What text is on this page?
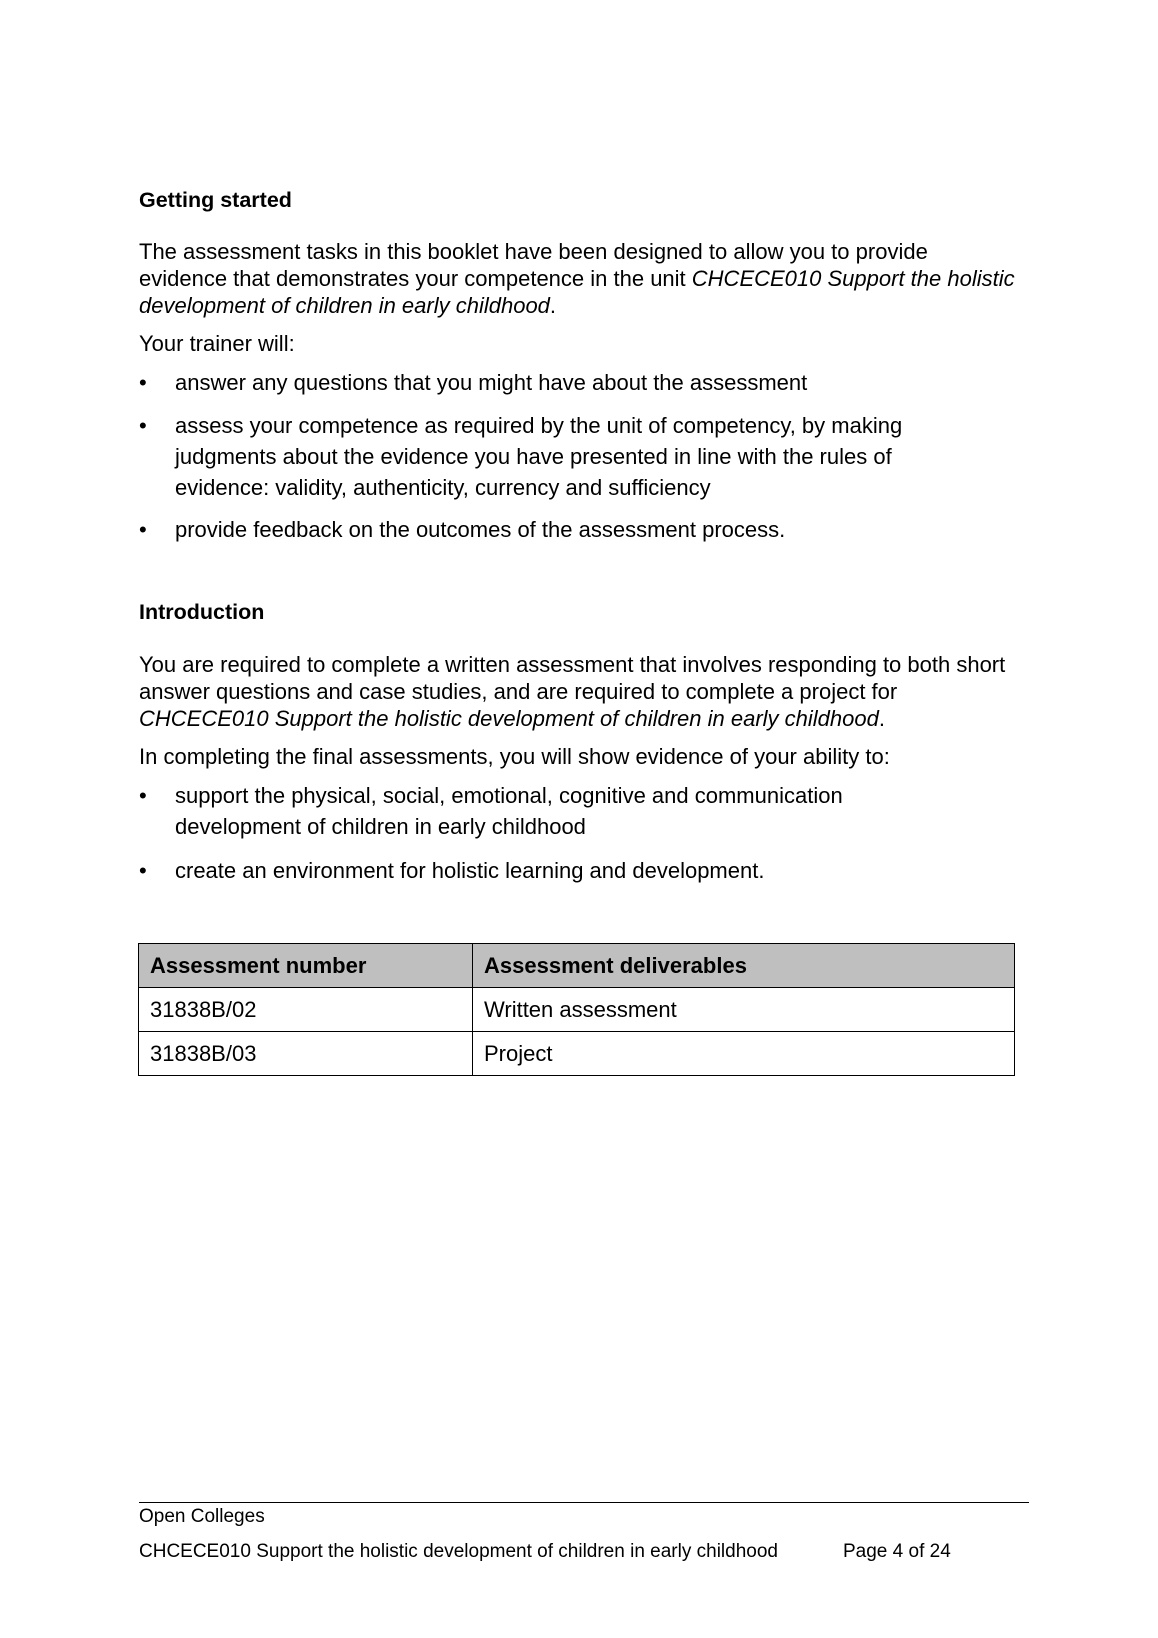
Getting started

The assessment tasks in this booklet have been designed to allow you to provide evidence that demonstrates your competence in the unit CHCECE010 Support the holistic development of children in early childhood.

Your trainer will:

• answer any questions that you might have about the assessment
• assess your competence as required by the unit of competency, by making judgments about the evidence you have presented in line with the rules of evidence: validity, authenticity, currency and sufficiency
• provide feedback on the outcomes of the assessment process.
Introduction

You are required to complete a written assessment that involves responding to both short answer questions and case studies, and are required to complete a project for CHCECE010 Support the holistic development of children in early childhood.

In completing the final assessments, you will show evidence of your ability to:

• support the physical, social, emotional, cognitive and communication development of children in early childhood
• create an environment for holistic learning and development.
Assessment number	Assessment deliverables
31838B/02	Written assessment
31838B/03	Project
Open Colleges
CHCECE010 Support the holistic development of children in early childhood	Page 4 of 24
